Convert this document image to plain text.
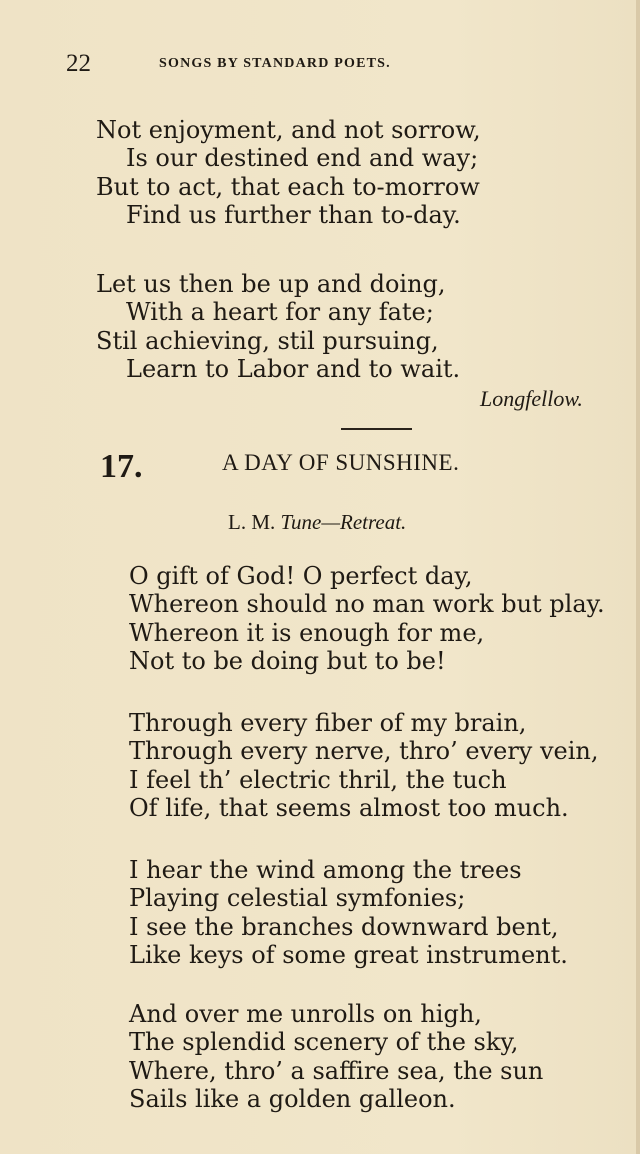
22	SONGS BY STANDARD POETS.
Not enjoyment, and not sorrow,
Is our destined end and way;
But to act, that each to-morrow
Find us further than to-day.
Let us then be up and doing,
With a heart for any fate;
Stil achieving, stil pursuing,
Learn to Labor and to wait.
Longfellow.
17.	A DAY OF SUNSHINE.
L. M. Tune—Retreat.
O gift of God! O perfect day,
Whereon should no man work but play.
Whereon it is enough for me,
Not to be doing but to be!
Through every fiber of my brain,
Through every nerve, thro’ every vein,
I feel th’ electric thril, the tuch
Of life, that seems almost too much.
I hear the wind among the trees
Playing celestial symfonies;
I see the branches downward bent,
Like keys of some great instrument.
And over me unrolls on high,
The splendid scenery of the sky,
Where, thro’ a saffire sea, the sun
Sails like a golden galleon.
